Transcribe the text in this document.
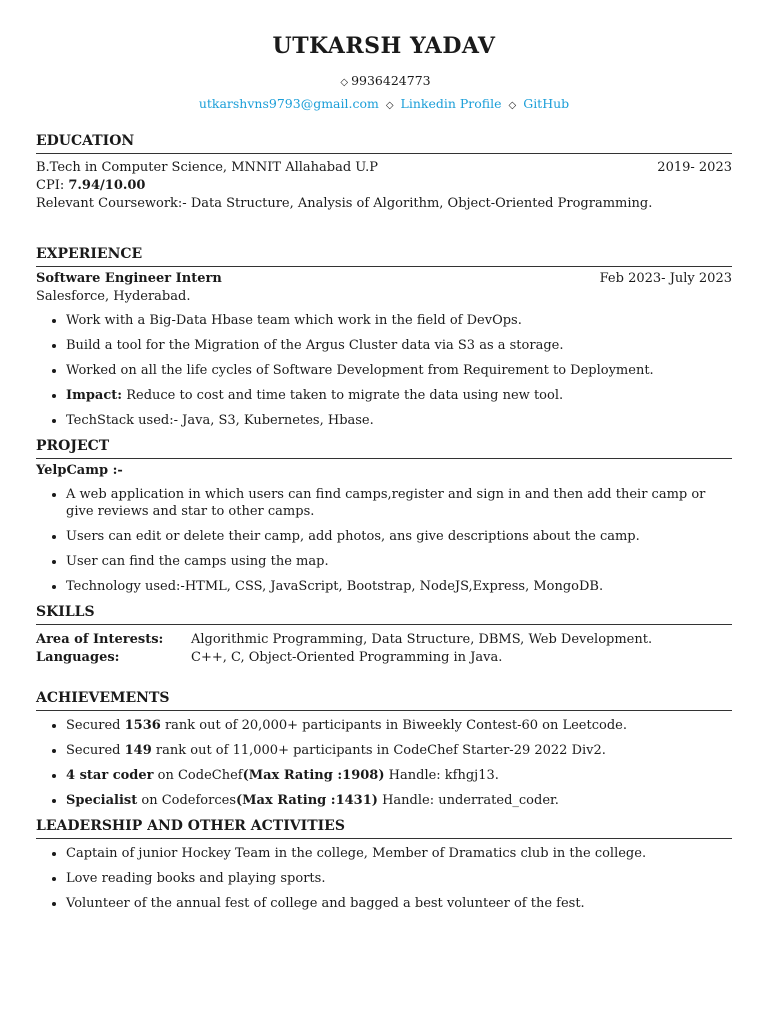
UTKARSH YADAV
◇ 9936424773
utkarshvns9793@gmail.com ◇ Linkedin Profile ◇ GitHub
EDUCATION
B.Tech in Computer Science, MNNIT Allahabad U.P	2019- 2023
CPI: 7.94/10.00
Relevant Coursework:- Data Structure, Analysis of Algorithm, Object-Oriented Programming.
EXPERIENCE
Software Engineer Intern	Feb 2023- July 2023
Salesforce, Hyderabad.
• Work with a Big-Data Hbase team which work in the field of DevOps.
• Build a tool for the Migration of the Argus Cluster data via S3 as a storage.
• Worked on all the life cycles of Software Development from Requirement to Deployment.
• Impact: Reduce to cost and time taken to migrate the data using new tool.
• TechStack used:- Java, S3, Kubernetes, Hbase.
PROJECT
YelpCamp :-
• A web application in which users can find camps,register and sign in and then add their camp or give reviews and star to other camps.
• Users can edit or delete their camp, add photos, ans give descriptions about the camp.
• User can find the camps using the map.
• Technology used:-HTML, CSS, JavaScript, Bootstrap, NodeJS,Express, MongoDB.
SKILLS
Area of Interests:	Algorithmic Programming, Data Structure, DBMS, Web Development.
Languages:	C++, C, Object-Oriented Programming in Java.
ACHIEVEMENTS
• Secured 1536 rank out of 20,000+ participants in Biweekly Contest-60 on Leetcode.
• Secured 149 rank out of 11,000+ participants in CodeChef Starter-29 2022 Div2.
• 4 star coder on CodeChef(Max Rating :1908) Handle: kfhgj13.
• Specialist on Codeforces(Max Rating :1431) Handle: underrated_coder.
LEADERSHIP AND OTHER ACTIVITIES
• Captain of junior Hockey Team in the college, Member of Dramatics club in the college.
• Love reading books and playing sports.
• Volunteer of the annual fest of college and bagged a best volunteer of the fest.
